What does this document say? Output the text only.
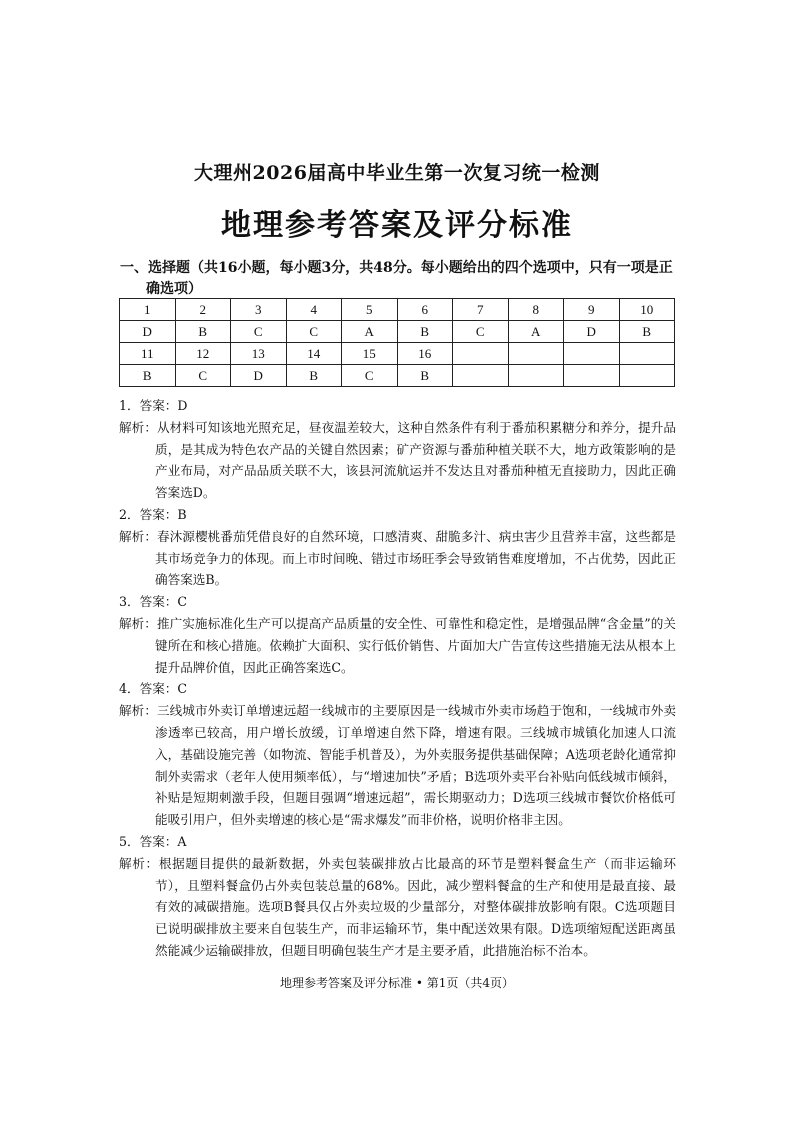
大理州2026届高中毕业生第一次复习统一检测
地理参考答案及评分标准
一、选择题（共16小题，每小题3分，共48分。每小题给出的四个选项中，只有一项是正
确选项）
1	2	3	4	5	6	7	8	9	10
D	B	C	C	A	B	C	A	D	B
11	12	13	14	15	16				
B	C	D	B	C	B				

1．答案：D

解析：从材料可知该地光照充足，昼夜温差较大，这种自然条件有利于番茄积累糖分和养分，提升品质，是其成为特色农产品的关键自然因素；矿产资源与番茄种植关联不大，地方政策影响的是产业布局，对产品品质关联不大，该县河流航运并不发达且对番茄种植无直接助力，因此正确答案选D。

2．答案：B

解析：春沐源樱桃番茄凭借良好的自然环境，口感清爽、甜脆多汁、病虫害少且营养丰富，这些都是其市场竞争力的体现。而上市时间晚、错过市场旺季会导致销售难度增加，不占优势，因此正确答案选B。

3．答案：C

解析：推广实施标准化生产可以提高产品质量的安全性、可靠性和稳定性，是增强品牌“含金量”的关键所在和核心措施。依赖扩大面积、实行低价销售、片面加大广告宣传这些措施无法从根本上提升品牌价值，因此正确答案选C。

4．答案：C

解析：三线城市外卖订单增速远超一线城市的主要原因是一线城市外卖市场趋于饱和，一线城市外卖渗透率已较高，用户增长放缓，订单增速自然下降，增速有限。三线城市城镇化加速人口流入，基础设施完善（如物流、智能手机普及），为外卖服务提供基础保障；A选项老龄化通常抑制外卖需求（老年人使用频率低），与“增速加快”矛盾；B选项外卖平台补贴向低线城市倾斜，补贴是短期刺激手段，但题目强调“增速远超”，需长期驱动力；D选项三线城市餐饮价格低可能吸引用户，但外卖增速的核心是“需求爆发”而非价格，说明价格非主因。

5．答案：A

解析：根据题目提供的最新数据，外卖包装碳排放占比最高的环节是塑料餐盒生产（而非运输环节），且塑料餐盒仍占外卖包装总量的68%。因此，减少塑料餐盒的生产和使用是最直接、最有效的减碳措施。选项B餐具仅占外卖垃圾的少量部分，对整体碳排放影响有限。C选项题目已说明碳排放主要来自包装生产，而非运输环节，集中配送效果有限。D选项缩短配送距离虽然能减少运输碳排放，但题目明确包装生产才是主要矛盾，此措施治标不治本。

地理参考答案及评分标准 • 第1页（共4页）
